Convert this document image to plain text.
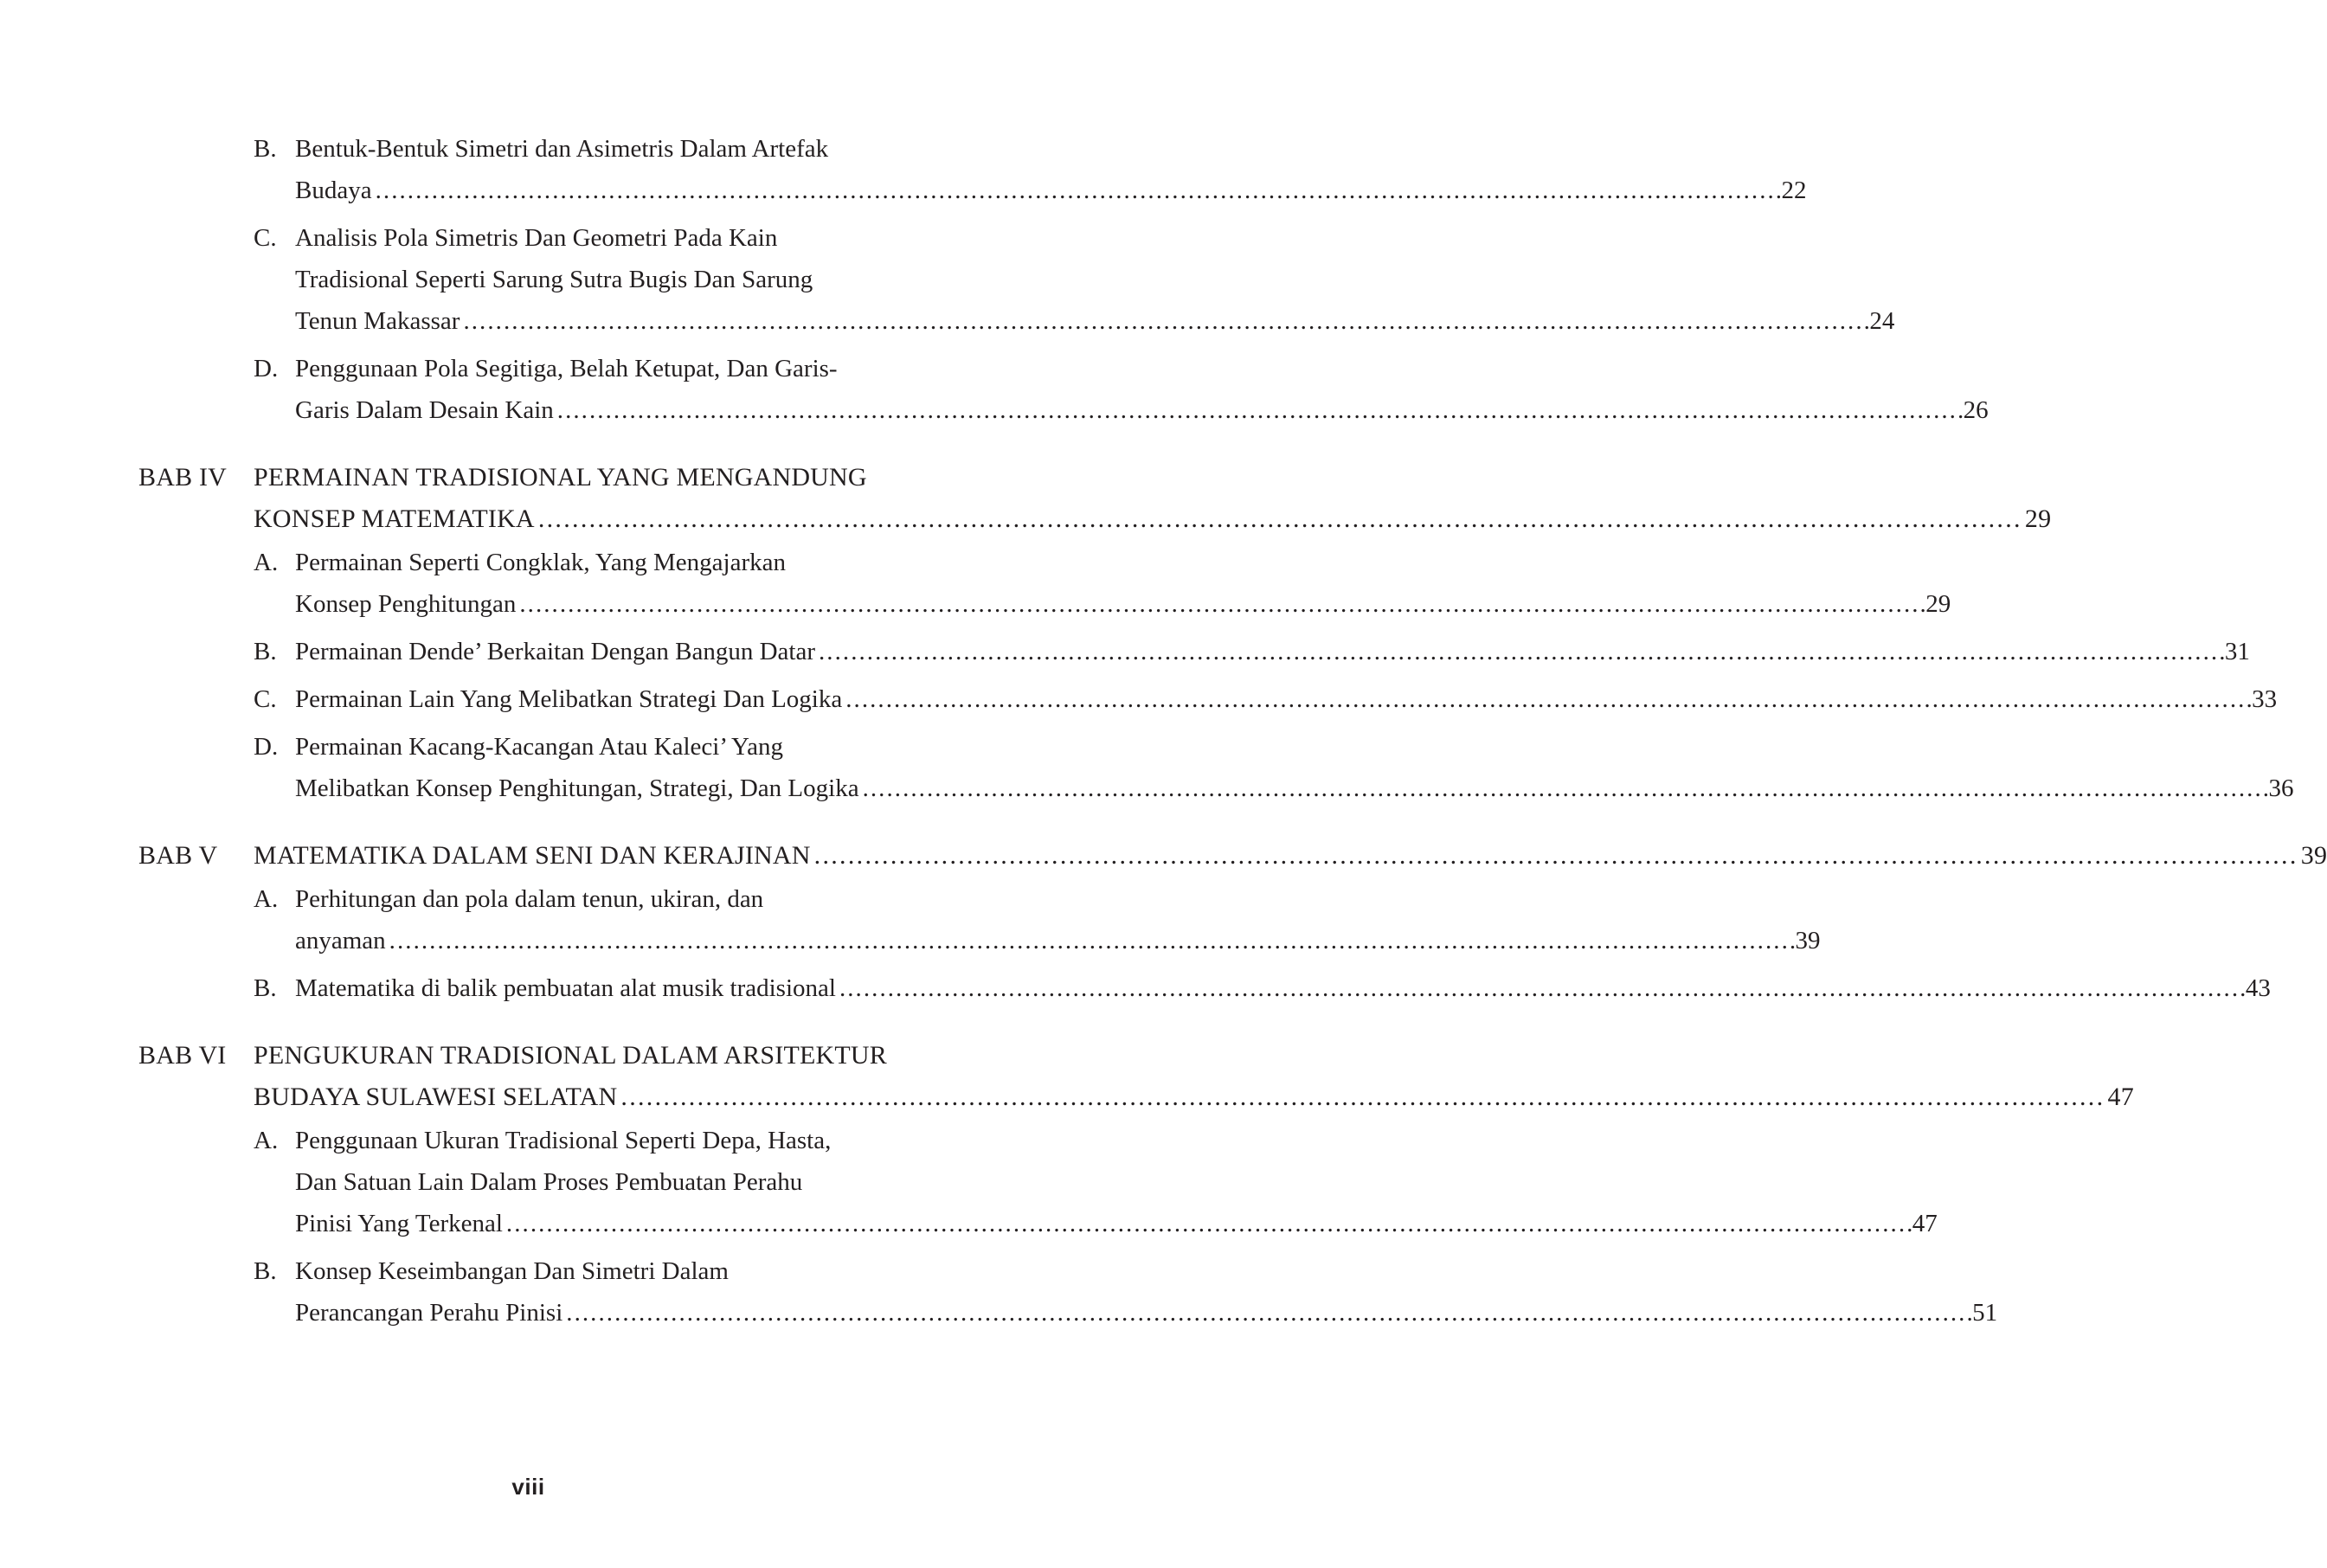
B. Bentuk-Bentuk Simetri dan Asimetris Dalam Artefak
Budaya . . .	22
C. Analisis Pola Simetris Dan Geometri Pada Kain
Tradisional Seperti Sarung Sutra Bugis Dan Sarung
Tenun Makassar . . .	24
D. Penggunaan Pola Segitiga, Belah Ketupat, Dan Garis-
Garis Dalam Desain Kain . . .	26
BAB IV	PERMAINAN TRADISIONAL YANG MENGANDUNG
KONSEP MATEMATIKA . . .	29
A. Permainan Seperti Congklak, Yang Mengajarkan
Konsep Penghitungan . . .	29
B. Permainan Dende’ Berkaitan Dengan Bangun Datar . . .	31
C. Permainan Lain Yang Melibatkan Strategi Dan Logika . . .	33
D. Permainan Kacang-Kacangan Atau Kaleci’ Yang
Melibatkan Konsep Penghitungan, Strategi, Dan Logika . . .	36
BAB V	MATEMATIKA DALAM SENI DAN KERAJINAN . . .	39
A. Perhitungan dan pola dalam tenun, ukiran, dan
anyaman . . .	39
B. Matematika di balik pembuatan alat musik tradisional . . .	43
BAB VI	PENGUKURAN TRADISIONAL DALAM ARSITEKTUR
BUDAYA SULAWESI SELATAN . . .	47
A. Penggunaan Ukuran Tradisional Seperti Depa, Hasta,
Dan Satuan Lain Dalam Proses Pembuatan Perahu
Pinisi Yang Terkenal . . .	47
B. Konsep Keseimbangan Dan Simetri Dalam
Perancangan Perahu Pinisi . . .	51
viii
